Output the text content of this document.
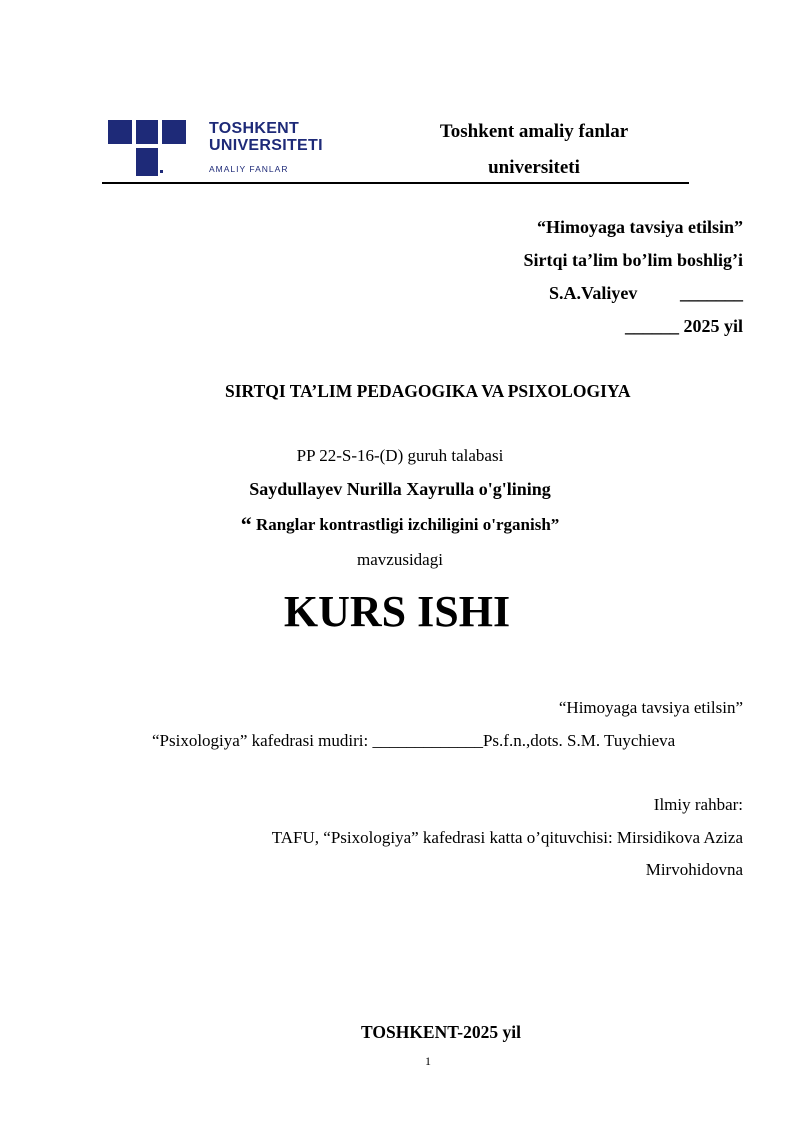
TOSHKENT
UNIVERSITETI
AMALIY FANLAR
Toshkent amaliy fanlar
universiteti
“Himoyaga tavsiya etilsin”
Sirtqi ta’lim bo’lim boshlig’i
S.A.Valiyev _______
______ 2025 yil
SIRTQI TA’LIM PEDAGOGIKA VA PSIXOLOGIYA
PP 22-S-16-(D) guruh talabasi
Saydullayev Nurilla Xayrulla o'g'lining
“ Ranglar kontrastligi izchiligini o'rganish”
mavzusidagi
KURS ISHI
“Himoyaga tavsiya etilsin”
“Psixologiya” kafedrasi mudiri: _____________Ps.f.n.,dots. S.M. Tuychieva
Ilmiy rahbar:
TAFU, “Psixologiya” kafedrasi katta o’qituvchisi: Mirsidikova Aziza
Mirvohidovna
TOSHKENT-2025 yil
1
